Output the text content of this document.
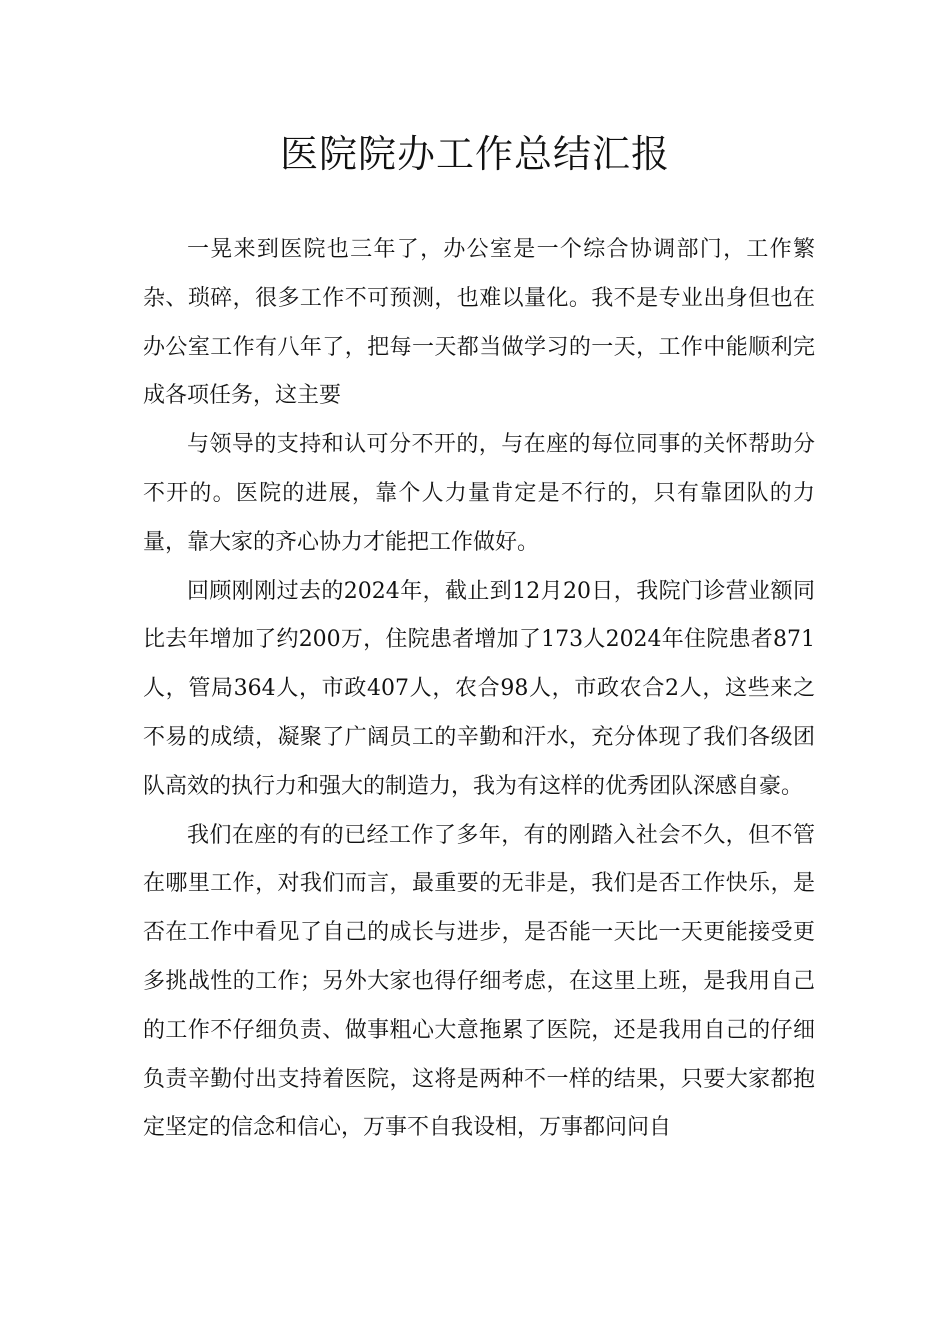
医院院办工作总结汇报

一晃来到医院也三年了，办公室是一个综合协调部门，工作繁杂、琐碎，很多工作不可预测，也难以量化。我不是专业出身但也在办公室工作有八年了，把每一天都当做学习的一天，工作中能顺利完成各项任务，这主要

与领导的支持和认可分不开的，与在座的每位同事的关怀帮助分不开的。医院的进展，靠个人力量肯定是不行的，只有靠团队的力量，靠大家的齐心协力才能把工作做好。

回顾刚刚过去的2024年，截止到12月20日，我院门诊营业额同比去年增加了约200万，住院患者增加了173人2024年住院患者871人，管局364人，市政407人，农合98人，市政农合2人，这些来之不易的成绩，凝聚了广阔员工的辛勤和汗水，充分体现了我们各级团队高效的执行力和强大的制造力，我为有这样的优秀团队深感自豪。

我们在座的有的已经工作了多年，有的刚踏入社会不久，但不管在哪里工作，对我们而言，最重要的无非是，我们是否工作快乐，是否在工作中看见了自己的成长与进步，是否能一天比一天更能接受更多挑战性的工作；另外大家也得仔细考虑，在这里上班，是我用自己的工作不仔细负责、做事粗心大意拖累了医院，还是我用自己的仔细负责辛勤付出支持着医院，这将是两种不一样的结果，只要大家都抱定坚定的信念和信心，万事不自我设相，万事都问问自
